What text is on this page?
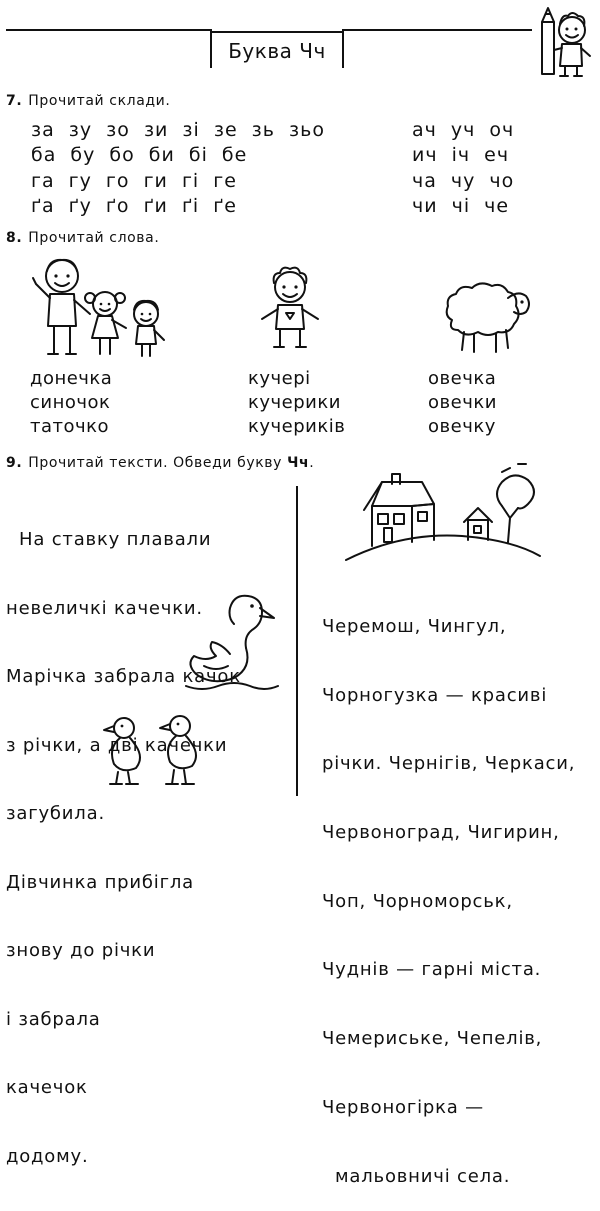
Буква Чч
7. Прочитай склади.
за зу зо зи зі зе зь зьо
ба бу бо би бі бе
га гу го ги гі ге
ґа ґу ґо ґи ґі ґе
ач уч оч
ич іч еч
ча чу чо
чи чі че
8. Прочитай слова.
донечка
синочок
таточко
кучері
кучерики
кучериків
овечка
овечки
овечку
9. Прочитай тексти. Обведи букву Чч.

На ставку плавали

невеличкі качечки.

Марічка забрала качок

з річки, а дві качечки

загубила.

Дівчинка прибігла

знову до річки

і забрала

качечок

додому.

Черемош, Чингул,

Чорногузка — красиві

річки. Чернігів, Черкаси,

Червоноград, Чигирин,

Чоп, Чорноморськ,

Чуднів — гарні міста.

Чемериське, Чепелів,

Червоногірка —

мальовничі села.
